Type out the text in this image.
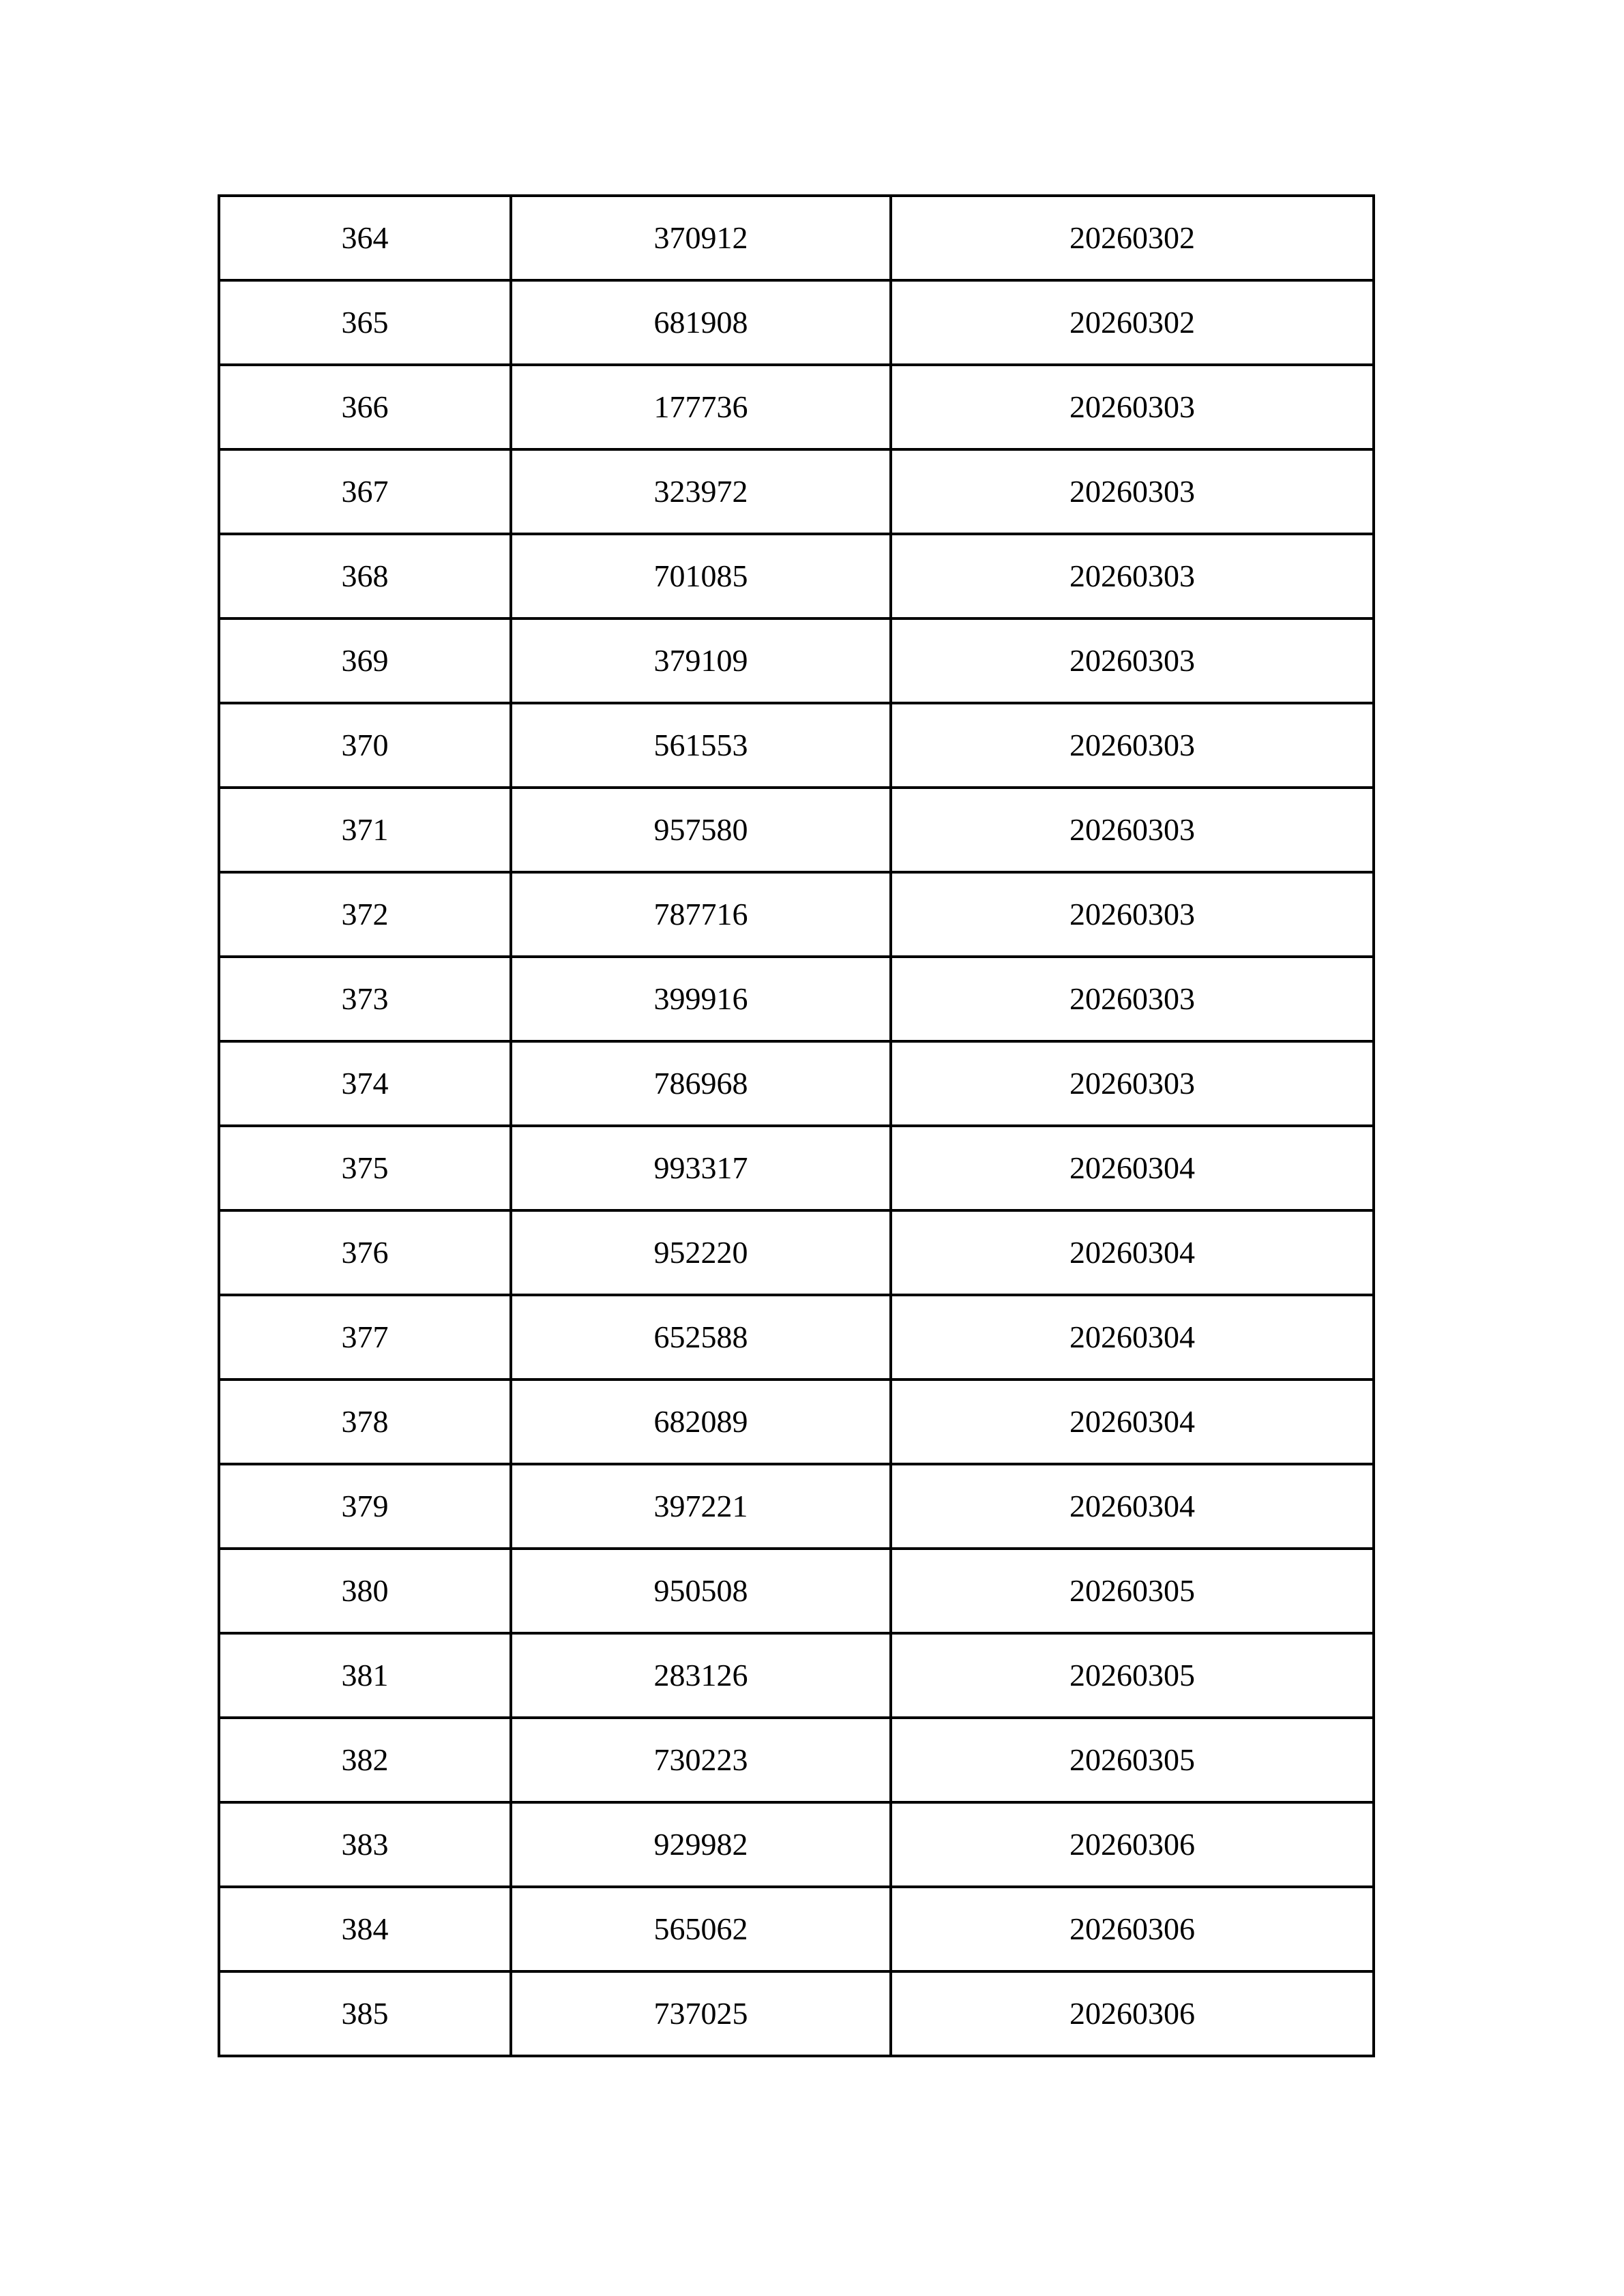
364	370912	20260302
365	681908	20260302
366	177736	20260303
367	323972	20260303
368	701085	20260303
369	379109	20260303
370	561553	20260303
371	957580	20260303
372	787716	20260303
373	399916	20260303
374	786968	20260303
375	993317	20260304
376	952220	20260304
377	652588	20260304
378	682089	20260304
379	397221	20260304
380	950508	20260305
381	283126	20260305
382	730223	20260305
383	929982	20260306
384	565062	20260306
385	737025	20260306
